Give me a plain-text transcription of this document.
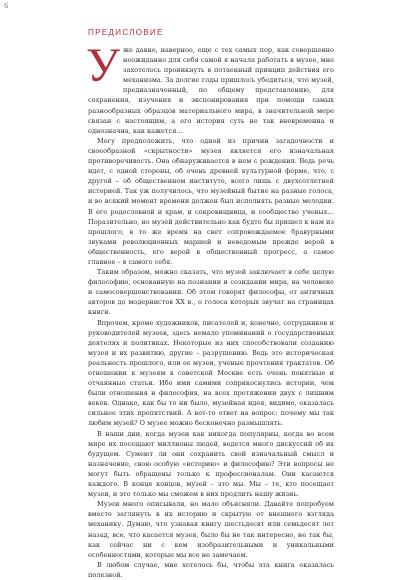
6
ПРЕДИСЛОВИЕ

Уже давно, наверное, еще с тех самых пор, как совершенно неожиданно для себя самой я начала работать в музее, мне захотелось проникнуть в потаенный принцип действия его механизма. За долгие годы пришлось убедиться, что музей, предназначенный, по общему представлению, для сохранения, изучения и экспонирования при помощи самых разнообразных образцов материального мира, в значительной мере связан с настоящим, а его история суть не так вневременна и однозначна, как кажется…

Могу предположить, что одной из причин загадочности и своеобразной «скрытности» музея является его изначальная противоречивость. Она обнаруживается в нем с рождения. Ведь речь идет, с одной стороны, об очень древней культурной форме, что, с другой – об общественном институте, всего лишь с двухсотлетней историей. Так уж получилось, что музейный бытие на разные голоса, и во всякий момент времени должен был исполнять разные мелодии. В его родословной и храм, и сокровищница, и сообщество ученых… Поразительно, но музей действительно как будто бы пришел к нам из прошлого, в то же время на свет сопровождаемое бравурными звуками революционных маршей и неведомым прежде верой в общественность, его верой в общественный прогресс, а самое главное – в самого себя.

Таким образом, можно сказать, что музей заключает в себе целую философию, основанную на познании и созидании мира, на человеке и самосовершенствовании. Об этом говорят философы, от античных авторов до модернистов XX в., о голоса которых звучат на страницах книги.

Впрочем, кроме художников, писателей и, конечно, сотрудников и руководителей музеев, здесь немало упоминаний о государственных деятелях и политиках. Некоторые из них способствовали созданию музея и их развитию, другие – разрушению. Ведь это историческая реальность прошлого, или ее музеи, ученые прочтения трактатов. Об отношении к музеям в советской Москве есть очень понятные и отчаянные статьи. Ибо ими самими соприкоснулись истории, чем были отношения и философия, на всех протяжении двух с лишним веков. Однако, как бы то ни было, музейная идея, видимо, оказалась сильнее этих препятствий. А вот-то ответ на вопрос: почему мы так любим музей? О музее можно бесконечно размышлять.

В наши дни, когда музеи как никогда популярны, когда во всем мире их посещают миллионы людей, ведется много дискуссий об их будущем. Сумеют ли они сохранить свой изначальный смысл и назначение, свою особую «историю» и философию? Эти вопросы не могут быть обращены только к профессионалам. Они касаются каждого. В конце концов, музей – это мы. Мы – те, кто посещает музеи, и это только мы сможем в них продлить нашу жизнь.

Музеи много описывали, но мало объясняли. Давайте попробуем вместе заглянуть в их историю и скрытую от внешнего взгляда механику. Думаю, что узнавая книгу шестьдесят или семьдесят лет назад, все, что касается музея, было бы не так интересно, не так бы, как сейчас ни с кем изобразительными и уникальными особенностями, которые мы все не замечаем.

В любом случае, мне хотелось бы, чтобы эта книга оказалась полезной.
